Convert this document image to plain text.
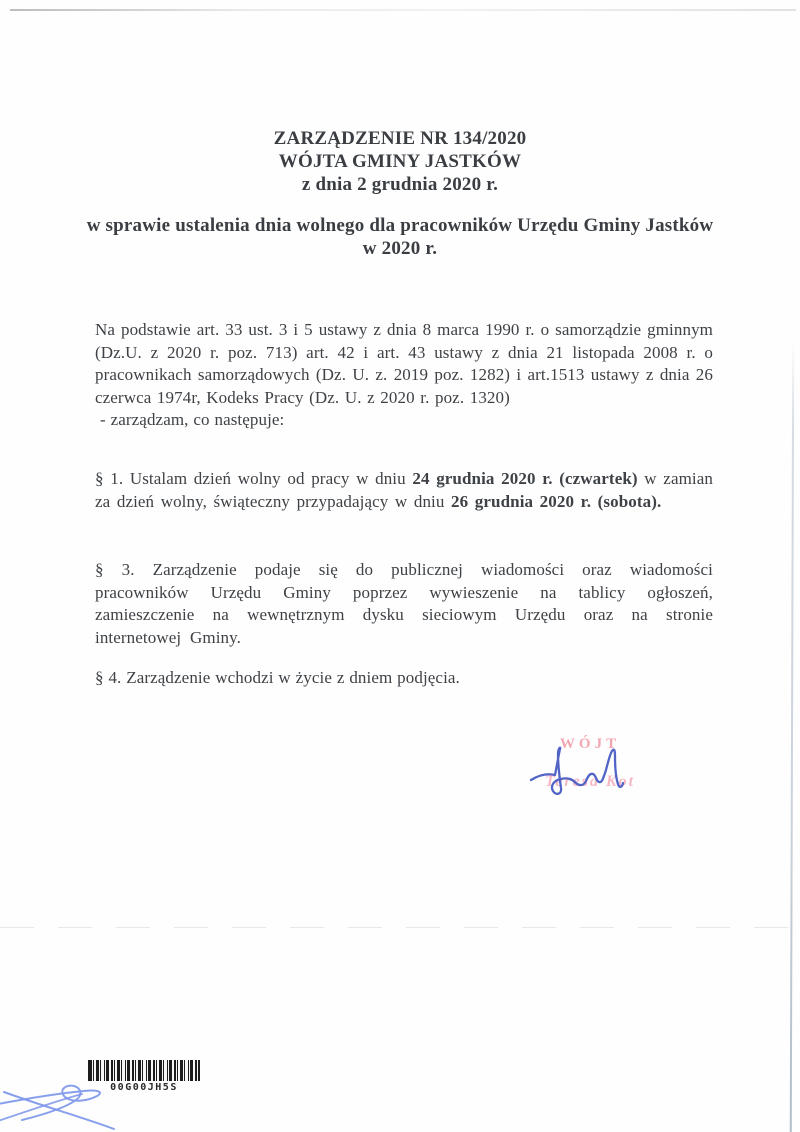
ZARZĄDZENIE NR 134/2020
WÓJTA GMINY JASTKÓW
z dnia 2 grudnia 2020 r.
w sprawie ustalenia dnia wolnego dla pracowników Urzędu Gminy Jastków
w 2020 r.
Na podstawie art. 33 ust. 3 i 5 ustawy z dnia 8 marca 1990 r. o samorządzie gminnym (Dz.U. z 2020 r. poz. 713) art. 42 i art. 43 ustawy z dnia 21 listopada 2008 r. o pracownikach samorządowych (Dz. U. z. 2019 poz. 1282) i art.1513 ustawy z dnia 26 czerwca 1974r, Kodeks Pracy (Dz. U. z 2020 r. poz. 1320)
- zarządzam, co następuje:
§ 1. Ustalam dzień wolny od pracy w dniu 24 grudnia 2020 r. (czwartek) w zamian za dzień wolny, świąteczny przypadający w dniu 26 grudnia 2020 r. (sobota).
§ 3. Zarządzenie podaje się do publicznej wiadomości oraz wiadomości pracowników Urzędu Gminy poprzez wywieszenie na tablicy ogłoszeń, zamieszczenie na wewnętrznym dysku sieciowym Urzędu oraz na stronie internetowej Gminy.
§ 4. Zarządzenie wchodzi w życie z dniem podjęcia.
WÓJT
Teresa Kot
00G00JH5S
